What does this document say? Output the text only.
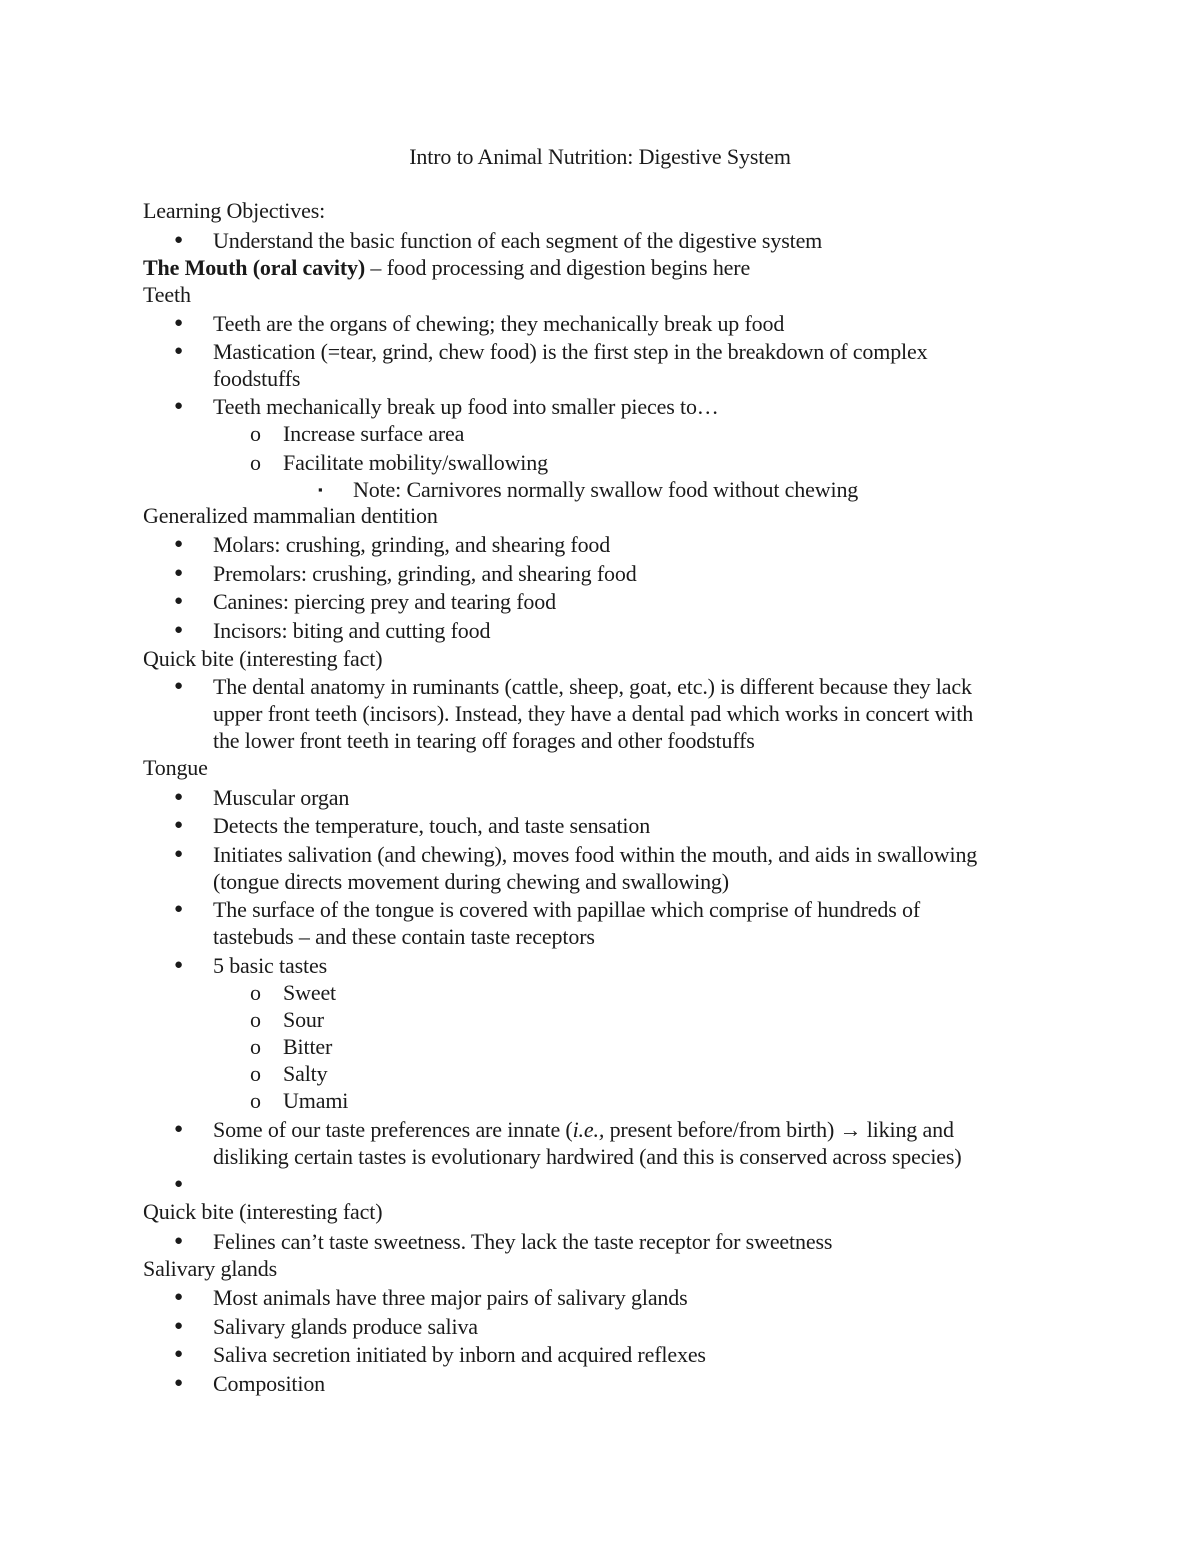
Intro to Animal Nutrition: Digestive System
Learning Objectives:
● Understand the basic function of each segment of the digestive system
The Mouth (oral cavity) – food processing and digestion begins here
Teeth
● Teeth are the organs of chewing; they mechanically break up food
● Mastication (=tear, grind, chew food) is the first step in the breakdown of complex
foodstuffs
● Teeth mechanically break up food into smaller pieces to…
o Increase surface area
o Facilitate mobility/swallowing
▪ Note: Carnivores normally swallow food without chewing
Generalized mammalian dentition
● Molars: crushing, grinding, and shearing food
● Premolars: crushing, grinding, and shearing food
● Canines: piercing prey and tearing food
● Incisors: biting and cutting food
Quick bite (interesting fact)
● The dental anatomy in ruminants (cattle, sheep, goat, etc.) is different because they lack
upper front teeth (incisors). Instead, they have a dental pad which works in concert with
the lower front teeth in tearing off forages and other foodstuffs
Tongue
● Muscular organ
● Detects the temperature, touch, and taste sensation
● Initiates salivation (and chewing), moves food within the mouth, and aids in swallowing
(tongue directs movement during chewing and swallowing)
● The surface of the tongue is covered with papillae which comprise of hundreds of
tastebuds – and these contain taste receptors
● 5 basic tastes
o Sweet
o Sour
o Bitter
o Salty
o Umami
● Some of our taste preferences are innate (i.e., present before/from birth) → liking and
disliking certain tastes is evolutionary hardwired (and this is conserved across species)
●
Quick bite (interesting fact)
● Felines can’t taste sweetness. They lack the taste receptor for sweetness
Salivary glands
● Most animals have three major pairs of salivary glands
● Salivary glands produce saliva
● Saliva secretion initiated by inborn and acquired reflexes
● Composition
